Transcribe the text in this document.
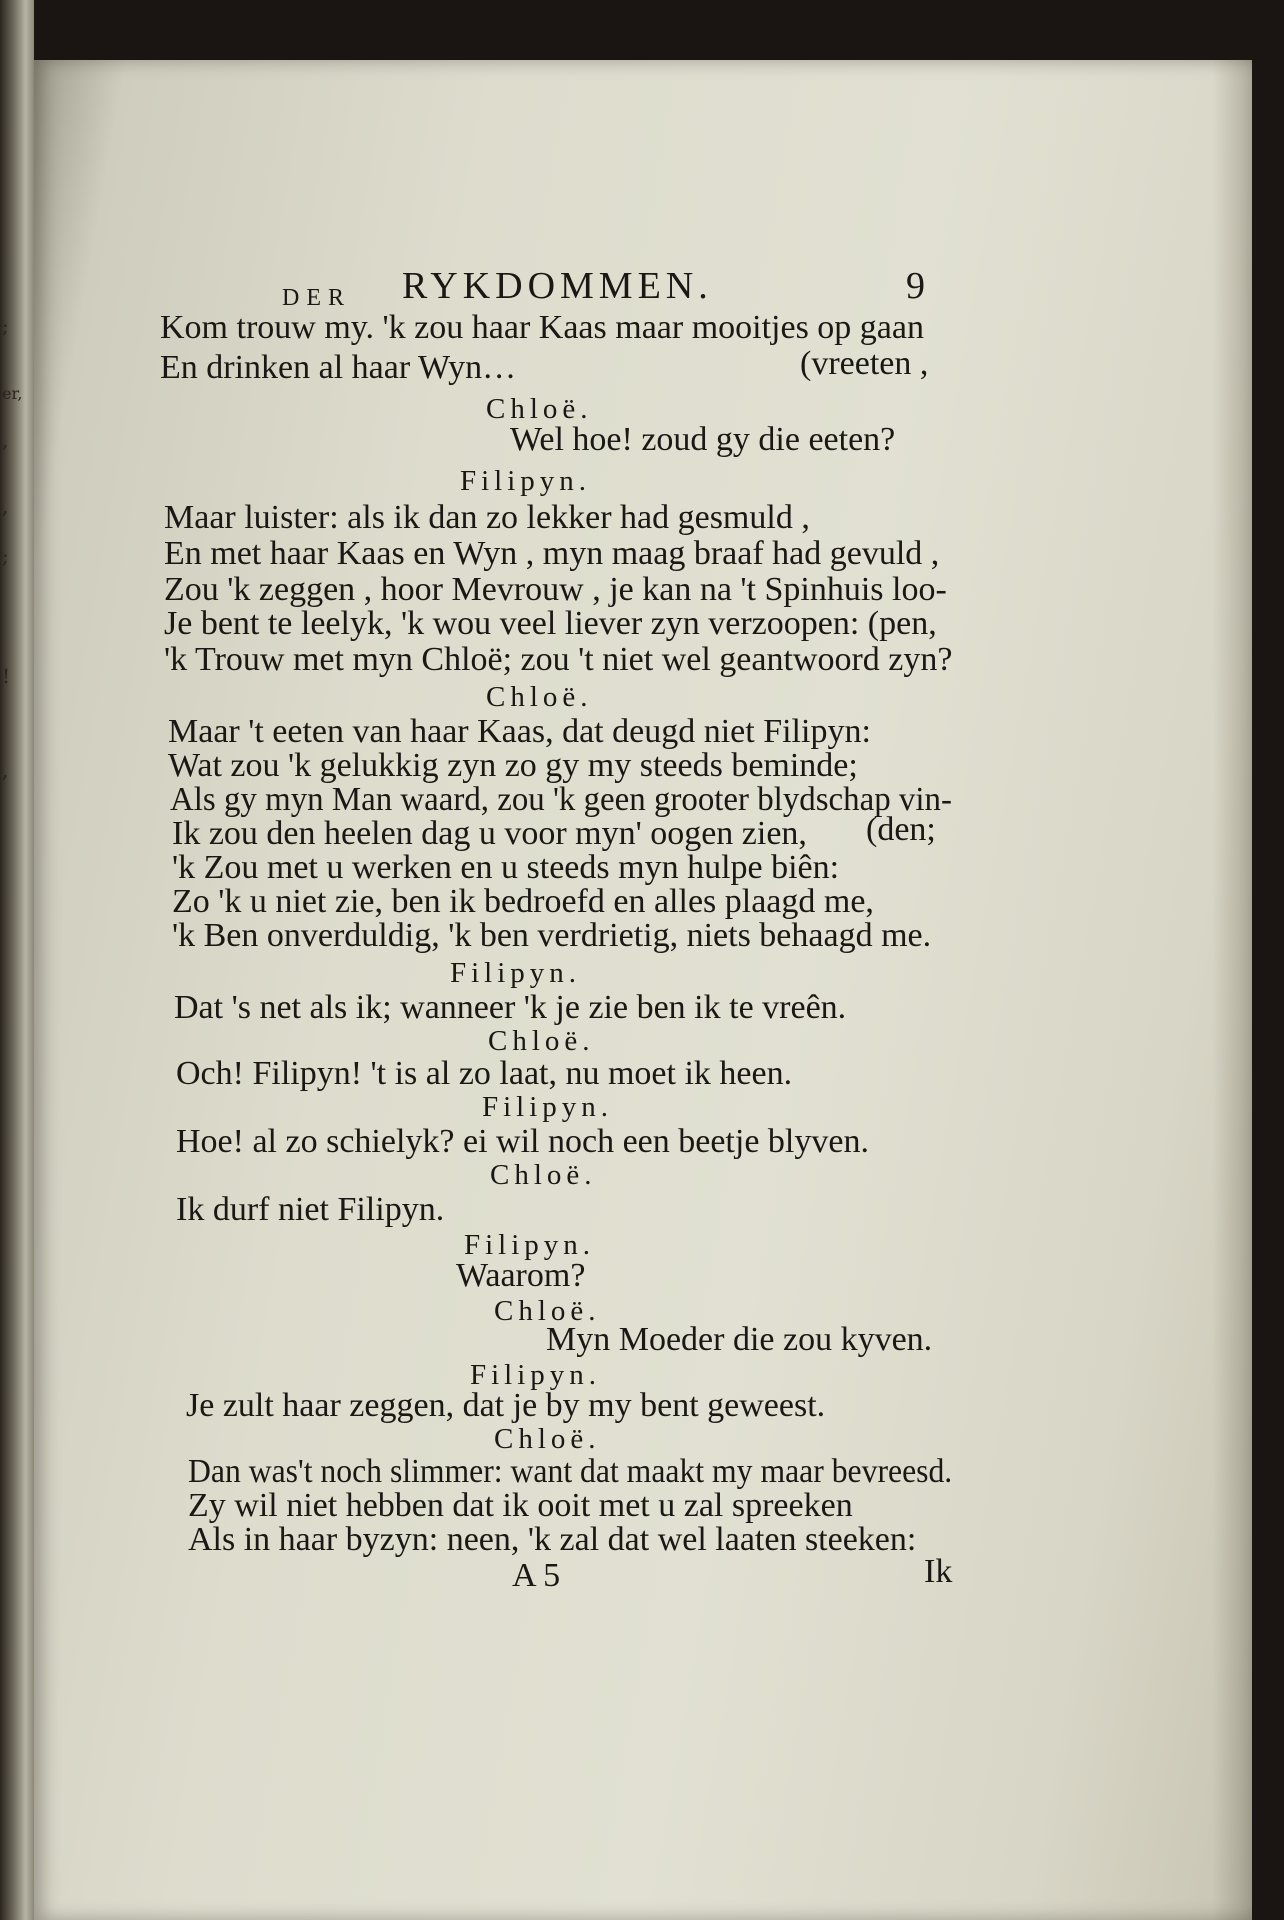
;
er,
,
,
;
!
,
DER RYKDOMMEN.	9
Kom trouw my. 'k zou haar Kaas maar mooitjes op gaan
En drinken al haar Wyn…	(vreeten ,
Chloë.
Wel hoe! zoud gy die eeten?
Filipyn.
Maar luister: als ik dan zo lekker had gesmuld ,
En met haar Kaas en Wyn , myn maag braaf had gevuld ,
Zou 'k zeggen , hoor Mevrouw , je kan na 't Spinhuis loo-
Je bent te leelyk, 'k wou veel liever zyn verzoopen: (pen,
'k Trouw met myn Chloë; zou 't niet wel geantwoord zyn?
Chloë.
Maar 't eeten van haar Kaas, dat deugd niet Filipyn:
Wat zou 'k gelukkig zyn zo gy my steeds beminde;
Als gy myn Man waard, zou 'k geen grooter blydschap vin-
Ik zou den heelen dag u voor myn' oogen zien, (den;
'k Zou met u werken en u steeds myn hulpe biên:
Zo 'k u niet zie, ben ik bedroefd en alles plaagd me,
'k Ben onverduldig, 'k ben verdrietig, niets behaagd me.
Filipyn.
Dat 's net als ik; wanneer 'k je zie ben ik te vreên.
Chloë.
Och! Filipyn! 't is al zo laat, nu moet ik heen.
Filipyn.
Hoe! al zo schielyk? ei wil noch een beetje blyven.
Chloë.
Ik durf niet Filipyn.
Filipyn.
Waarom?
Chloë.
Myn Moeder die zou kyven.
Filipyn.
Je zult haar zeggen, dat je by my bent geweest.
Chloë.
Dan was't noch slimmer: want dat maakt my maar bevreesd.
Zy wil niet hebben dat ik ooit met u zal spreeken
Als in haar byzyn: neen, 'k zal dat wel laaten steeken:
A 5	Ik
